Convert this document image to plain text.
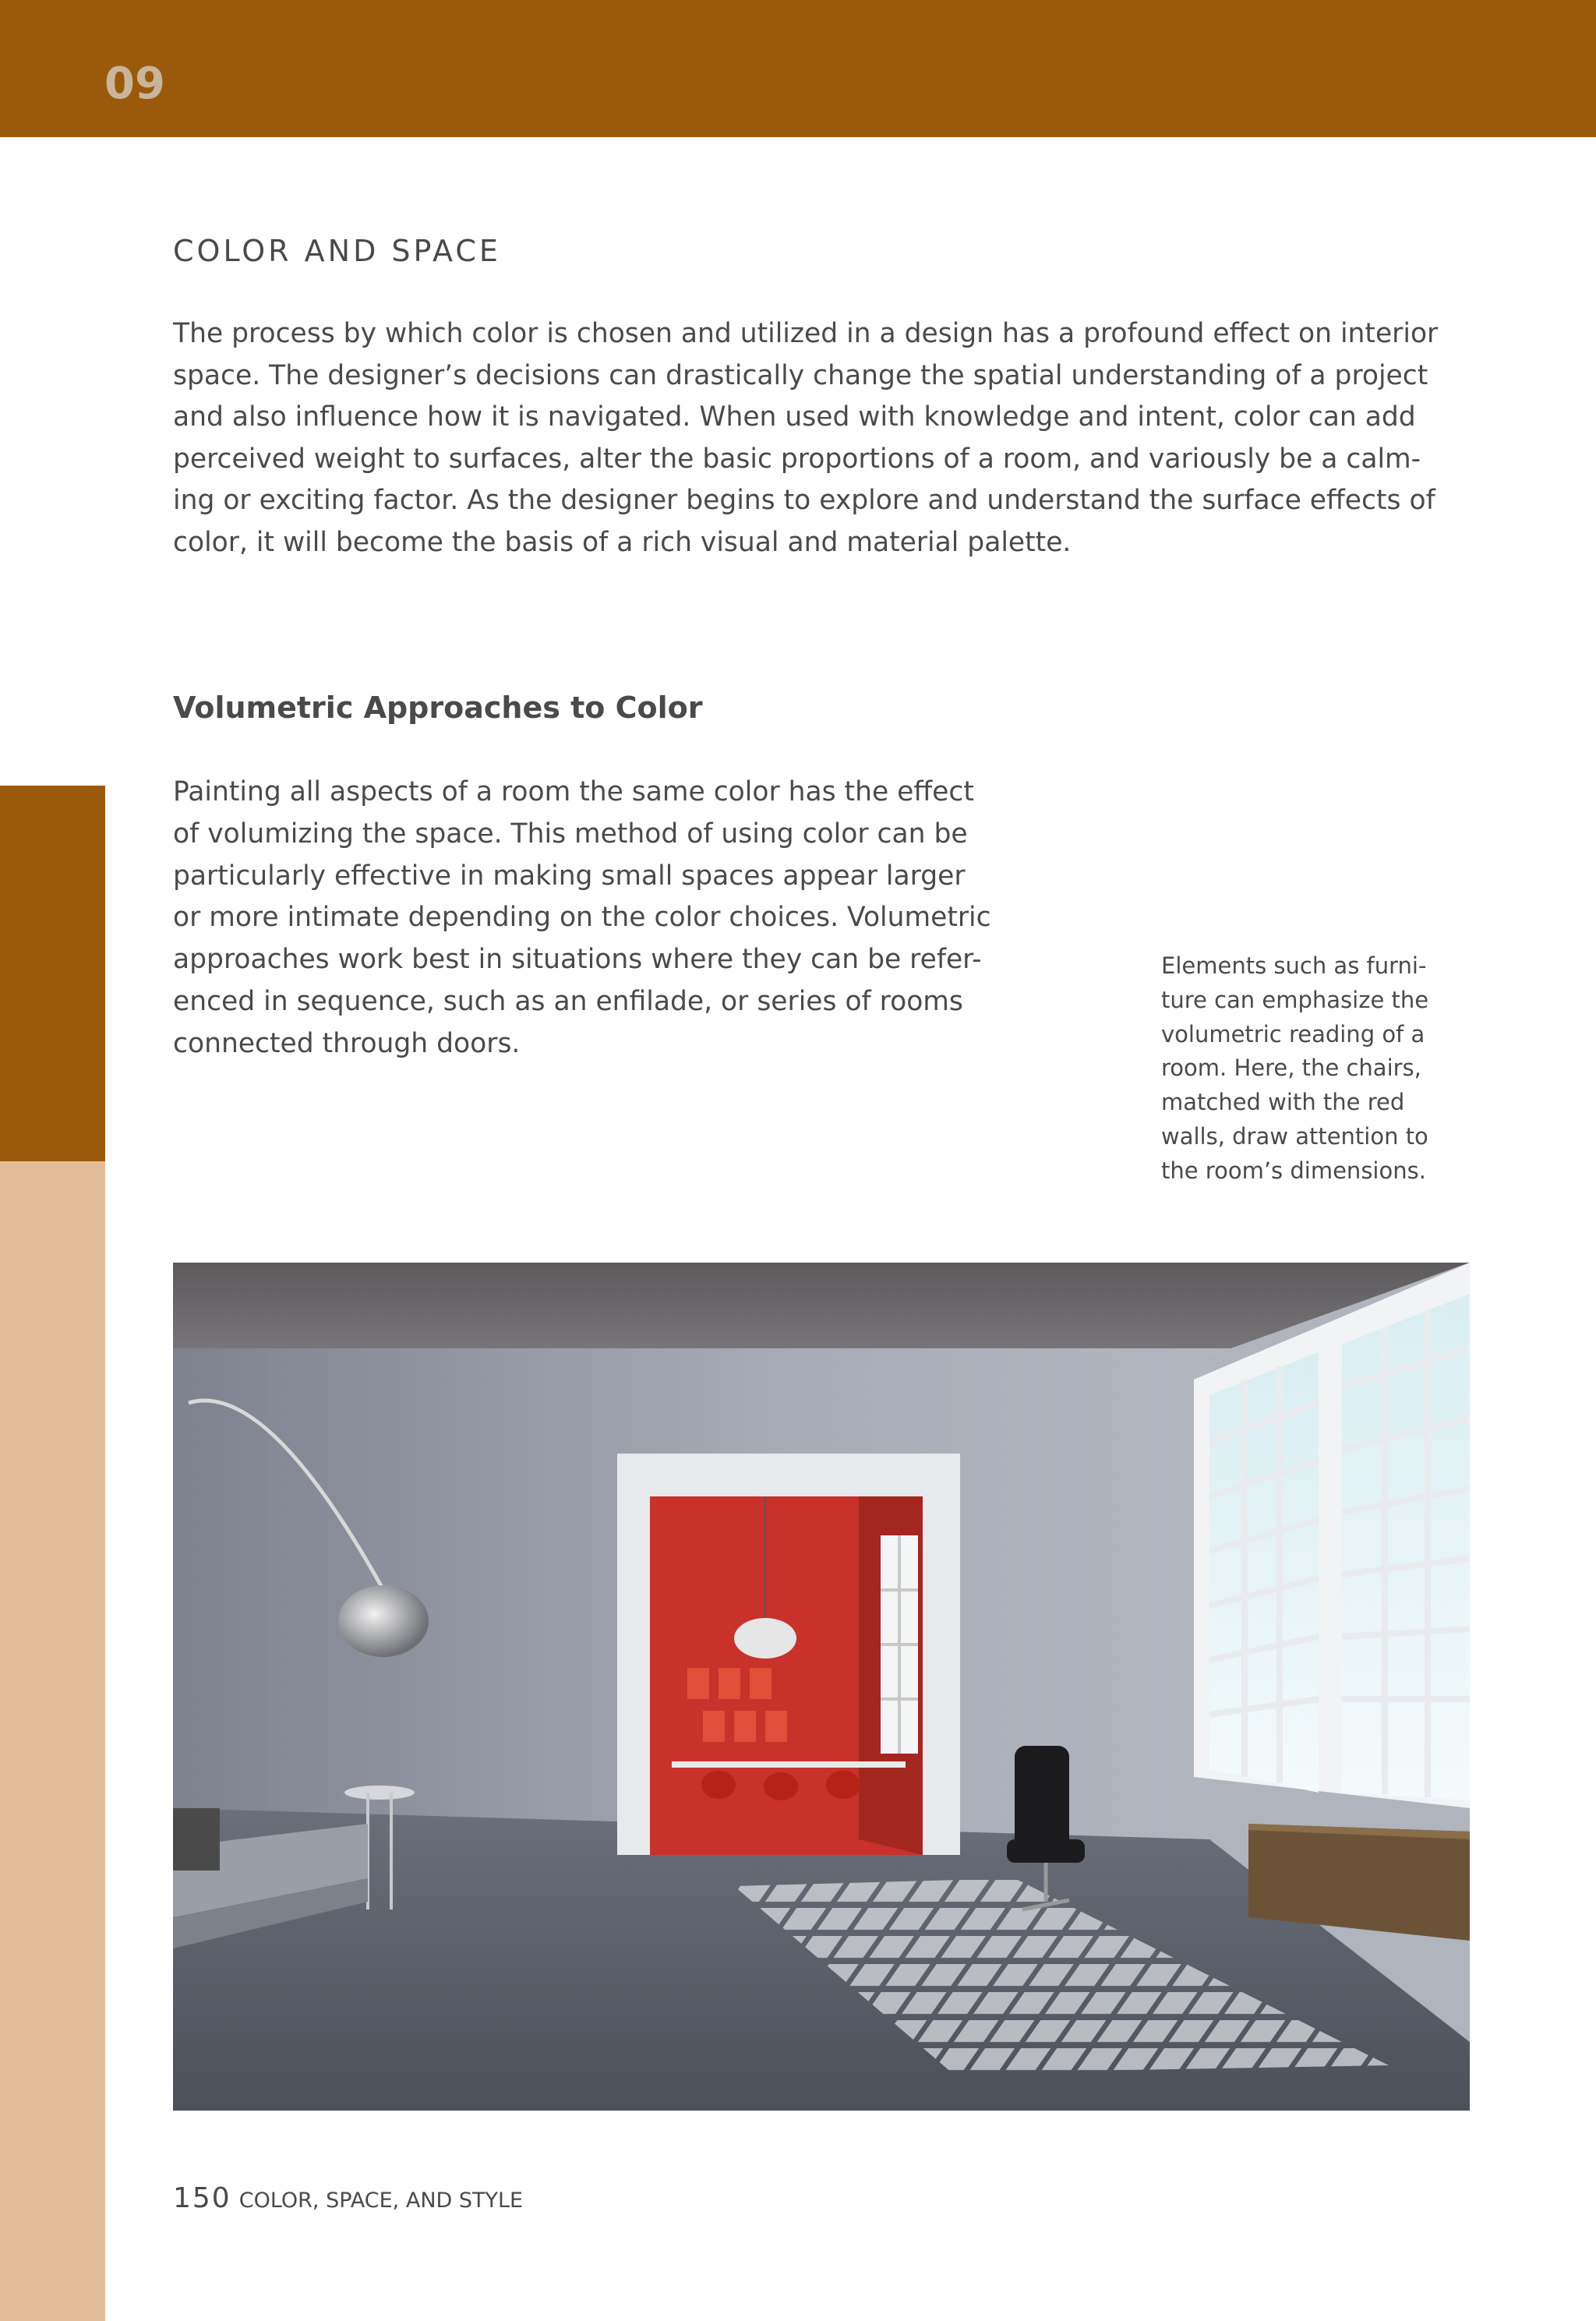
09

COLOR AND SPACE

The process by which color is chosen and utilized in a design has a profound effect on interior
space. The designer’s decisions can drastically change the spatial understanding of a project
and also influence how it is navigated. When used with knowledge and intent, color can add
perceived weight to surfaces, alter the basic proportions of a room, and variously be a calm-
ing or exciting factor. As the designer begins to explore and understand the surface effects of
color, it will become the basis of a rich visual and material palette.

Volumetric Approaches to Color

Painting all aspects of a room the same color has the effect
of volumizing the space. This method of using color can be
particularly effective in making small spaces appear larger
or more intimate depending on the color choices. Volumetric
approaches work best in situations where they can be refer-
enced in sequence, such as an enfilade, or series of rooms
connected through doors.

Elements such as furni-
ture can emphasize the
volumetric reading of a
room. Here, the chairs,
matched with the red
walls, draw attention to
the room’s dimensions.

150 COLOR, SPACE, AND STYLE
